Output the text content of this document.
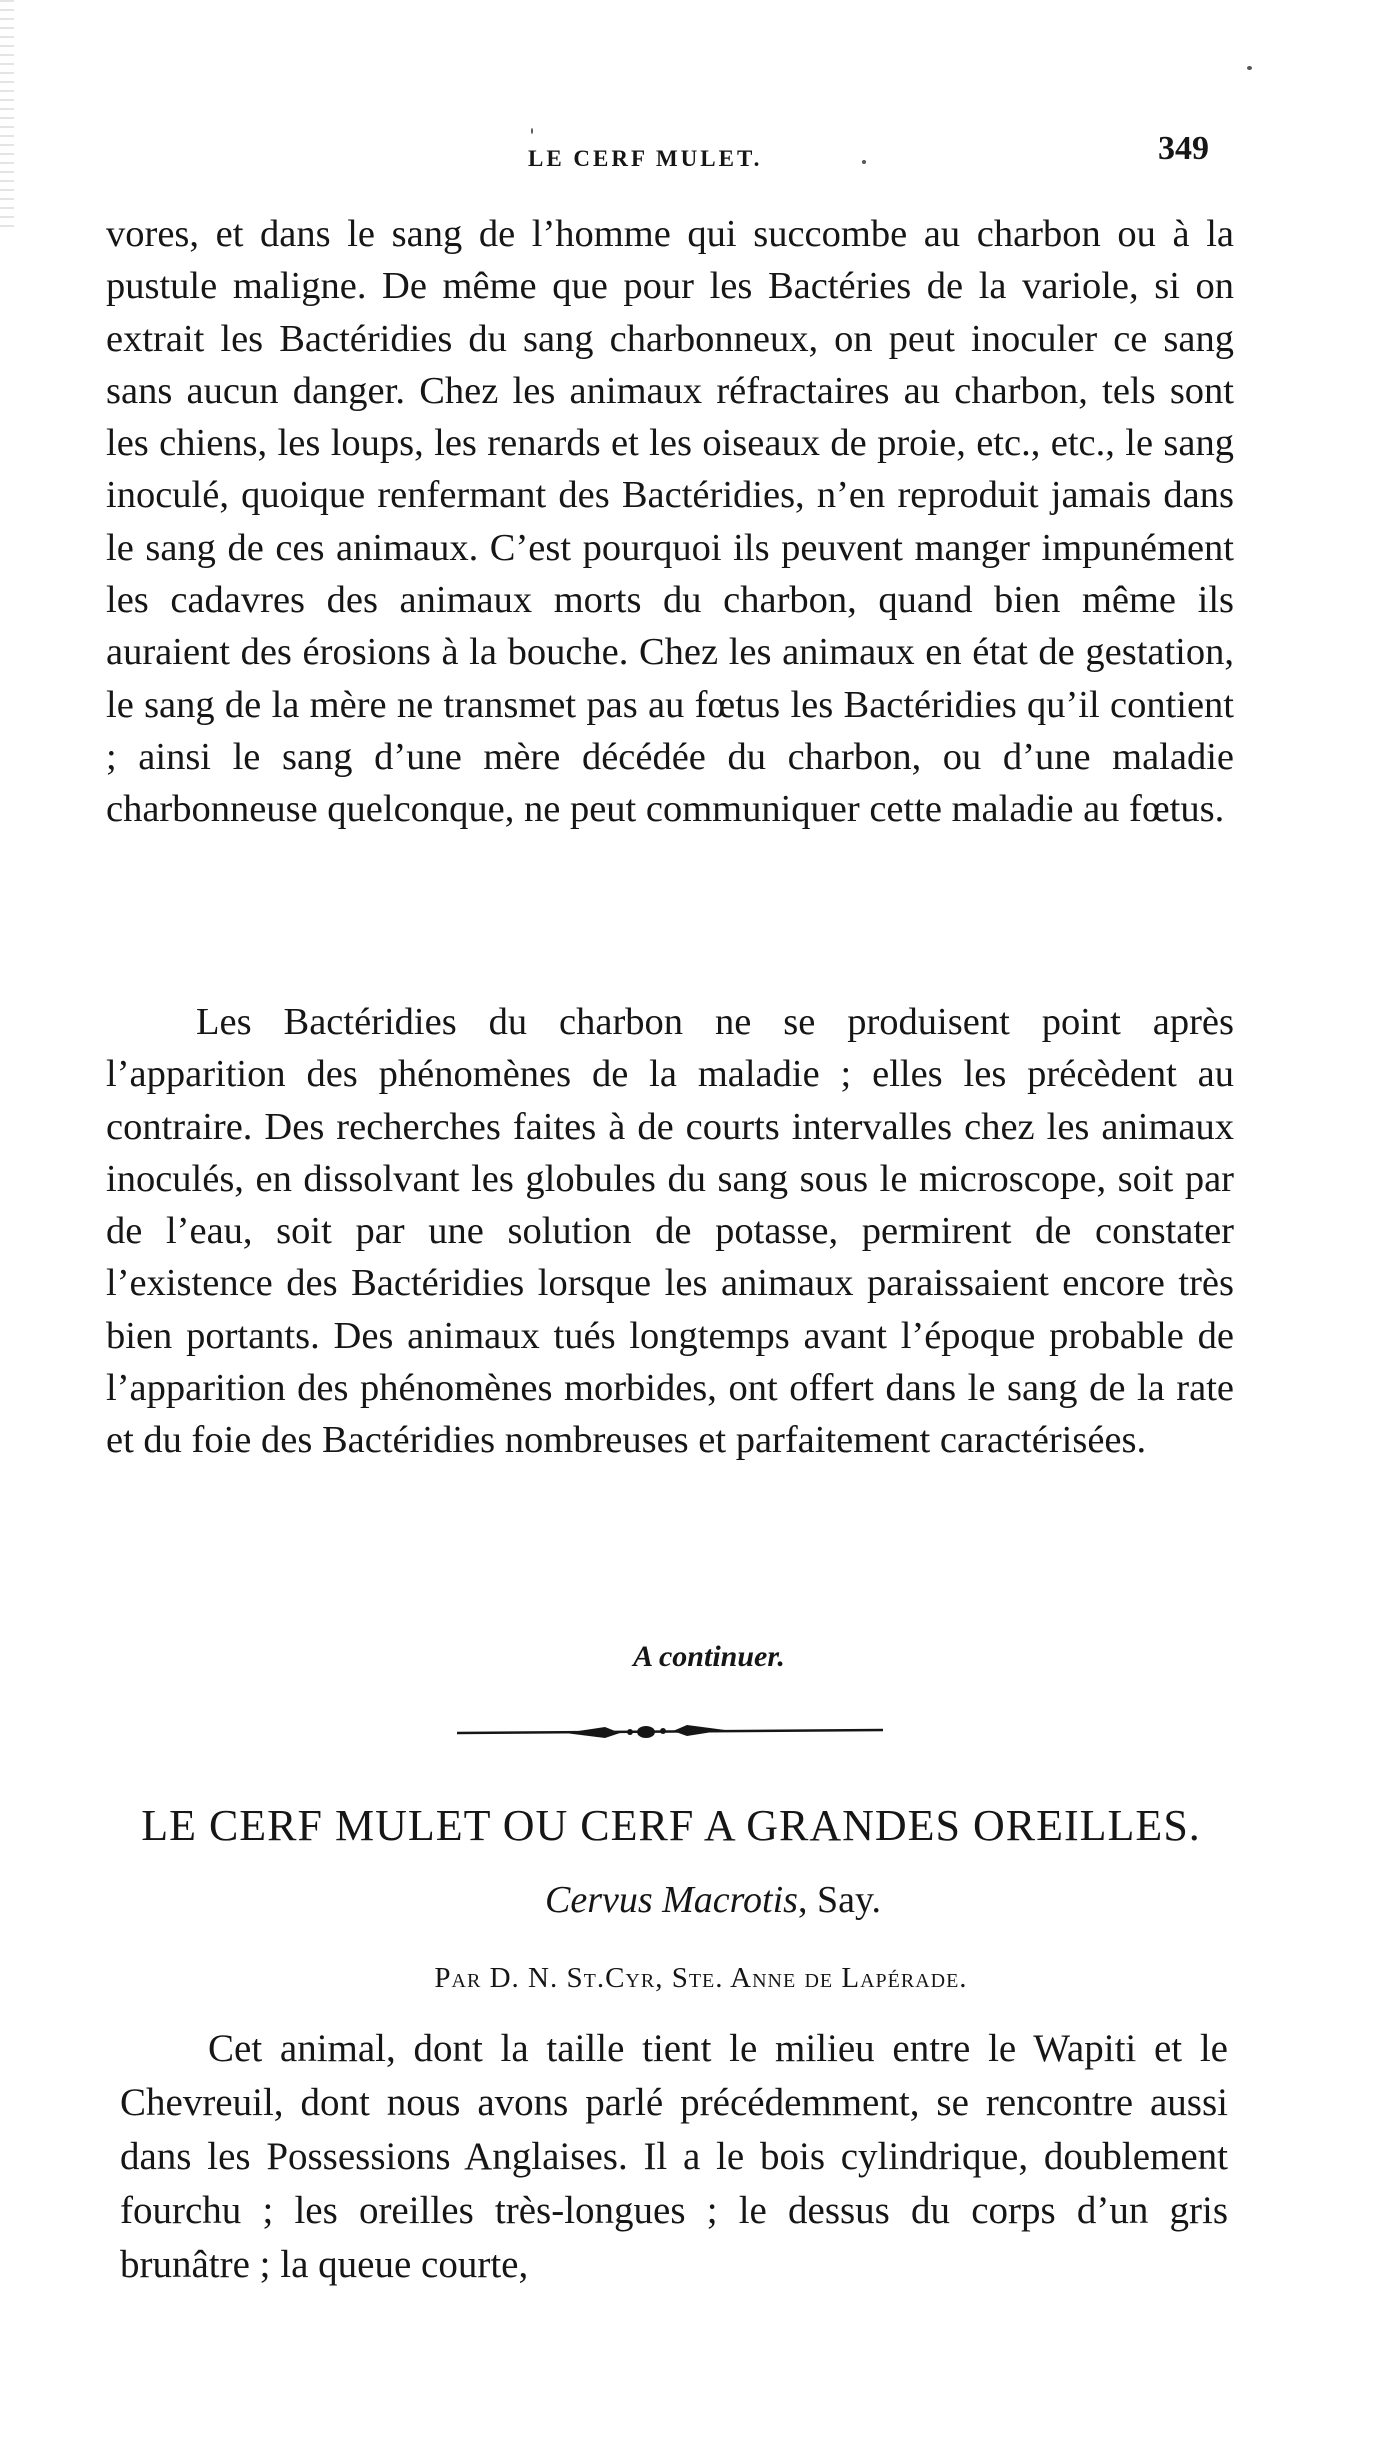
LE CERF MULET.	349

vores, et dans le sang de l’homme qui succombe au charbon ou à la pustule maligne. De même que pour les Bactéries de la variole, si on extrait les Bactéridies du sang charbonneux, on peut inoculer ce sang sans aucun danger. Chez les animaux réfractaires au charbon, tels sont les chiens, les loups, les renards et les oiseaux de proie, etc., etc., le sang inoculé, quoique renfermant des Bactéridies, n’en reproduit jamais dans le sang de ces animaux. C’est pourquoi ils peuvent manger impunément les cadavres des animaux morts du charbon, quand bien même ils auraient des érosions à la bouche. Chez les animaux en état de gestation, le sang de la mère ne transmet pas au fœtus les Bactéridies qu’il contient ; ainsi le sang d’une mère décédée du charbon, ou d’une maladie charbonneuse quelconque, ne peut communiquer cette maladie au fœtus.

Les Bactéridies du charbon ne se produisent point après l’apparition des phénomènes de la maladie ; elles les précèdent au contraire. Des recherches faites à de courts intervalles chez les animaux inoculés, en dissolvant les globules du sang sous le microscope, soit par de l’eau, soit par une solution de potasse, permirent de constater l’existence des Bactéridies lorsque les animaux paraissaient encore très bien portants. Des animaux tués longtemps avant l’époque probable de l’apparition des phénomènes morbides, ont offert dans le sang de la rate et du foie des Bactéridies nombreuses et parfaitement caractérisées.

A continuer.
LE CERF MULET OU CERF A GRANDES OREILLES.
Cervus Macrotis, Say.
Par D. N. St.Cyr, Ste. Anne de Lapérade.

Cet animal, dont la taille tient le milieu entre le Wapiti et le Chevreuil, dont nous avons parlé précédemment, se rencontre aussi dans les Possessions Anglaises. Il a le bois cylindrique, doublement fourchu ; les oreilles très-longues ; le dessus du corps d’un gris brunâtre ; la queue courte,
